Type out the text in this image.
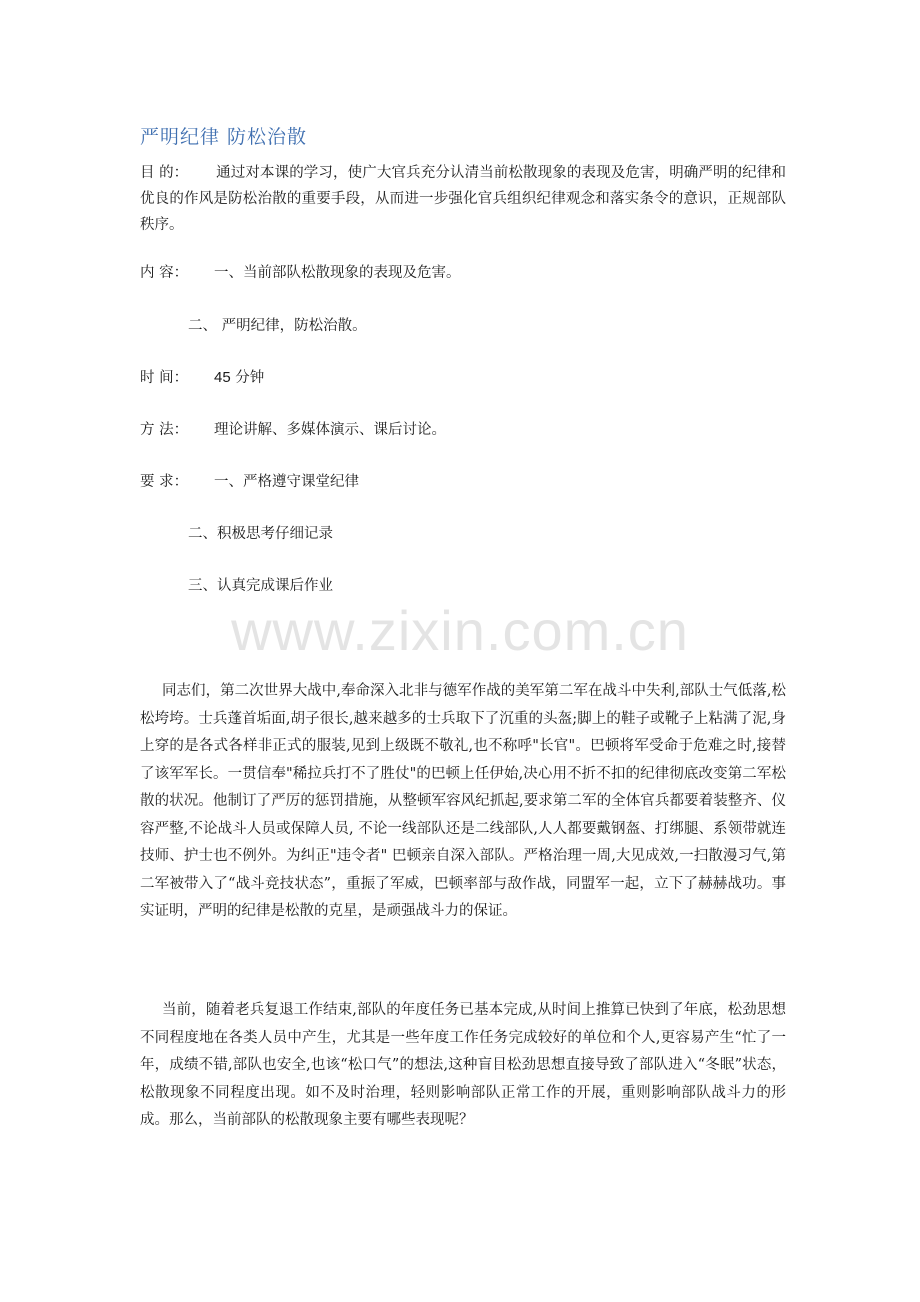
严明纪律 防松治散
目 的： 通过对本课的学习，使广大官兵充分认清当前松散现象的表现及危害，明确严明的纪律和优良的作风是防松治散的重要手段，从而进一步强化官兵组织纪律观念和落实条令的意识，正规部队秩序。
内 容： 一、当前部队松散现象的表现及危害。
二、 严明纪律，防松治散。
时 间： 45 分钟
方 法： 理论讲解、多媒体演示、课后讨论。
要 求： 一、严格遵守课堂纪律
二、积极思考仔细记录
三、认真完成课后作业
www.zixin.com.cn
同志们，第二次世界大战中,奉命深入北非与德军作战的美军第二军在战斗中失利,部队士气低落,松松垮垮。士兵蓬首垢面,胡子很长,越来越多的士兵取下了沉重的头盔;脚上的鞋子或靴子上粘满了泥,身上穿的是各式各样非正式的服装,见到上级既不敬礼,也不称呼"长官"。巴顿将军受命于危难之时,接替了该军军长。一贯信奉"稀拉兵打不了胜仗"的巴顿上任伊始,决心用不折不扣的纪律彻底改变第二军松散的状况。他制订了严厉的惩罚措施，从整顿军容风纪抓起,要求第二军的全体官兵都要着装整齐、仪容严整,不论战斗人员或保障人员, 不论一线部队还是二线部队,人人都要戴钢盔、打绑腿、系领带就连技师、护士也不例外。为纠正"违令者" 巴顿亲自深入部队。严格治理一周,大见成效,一扫散漫习气,第二军被带入了“战斗竞技状态”，重振了军威，巴顿率部与敌作战，同盟军一起，立下了赫赫战功。事实证明，严明的纪律是松散的克星，是顽强战斗力的保证。
当前，随着老兵复退工作结束,部队的年度任务已基本完成,从时间上推算已快到了年底，松劲思想不同程度地在各类人员中产生，尤其是一些年度工作任务完成较好的单位和个人,更容易产生“忙了一年，成绩不错,部队也安全,也该“松口气”的想法,这种盲目松劲思想直接导致了部队进入“冬眠”状态，松散现象不同程度出现。如不及时治理，轻则影响部队正常工作的开展，重则影响部队战斗力的形成。那么，当前部队的松散现象主要有哪些表现呢？
